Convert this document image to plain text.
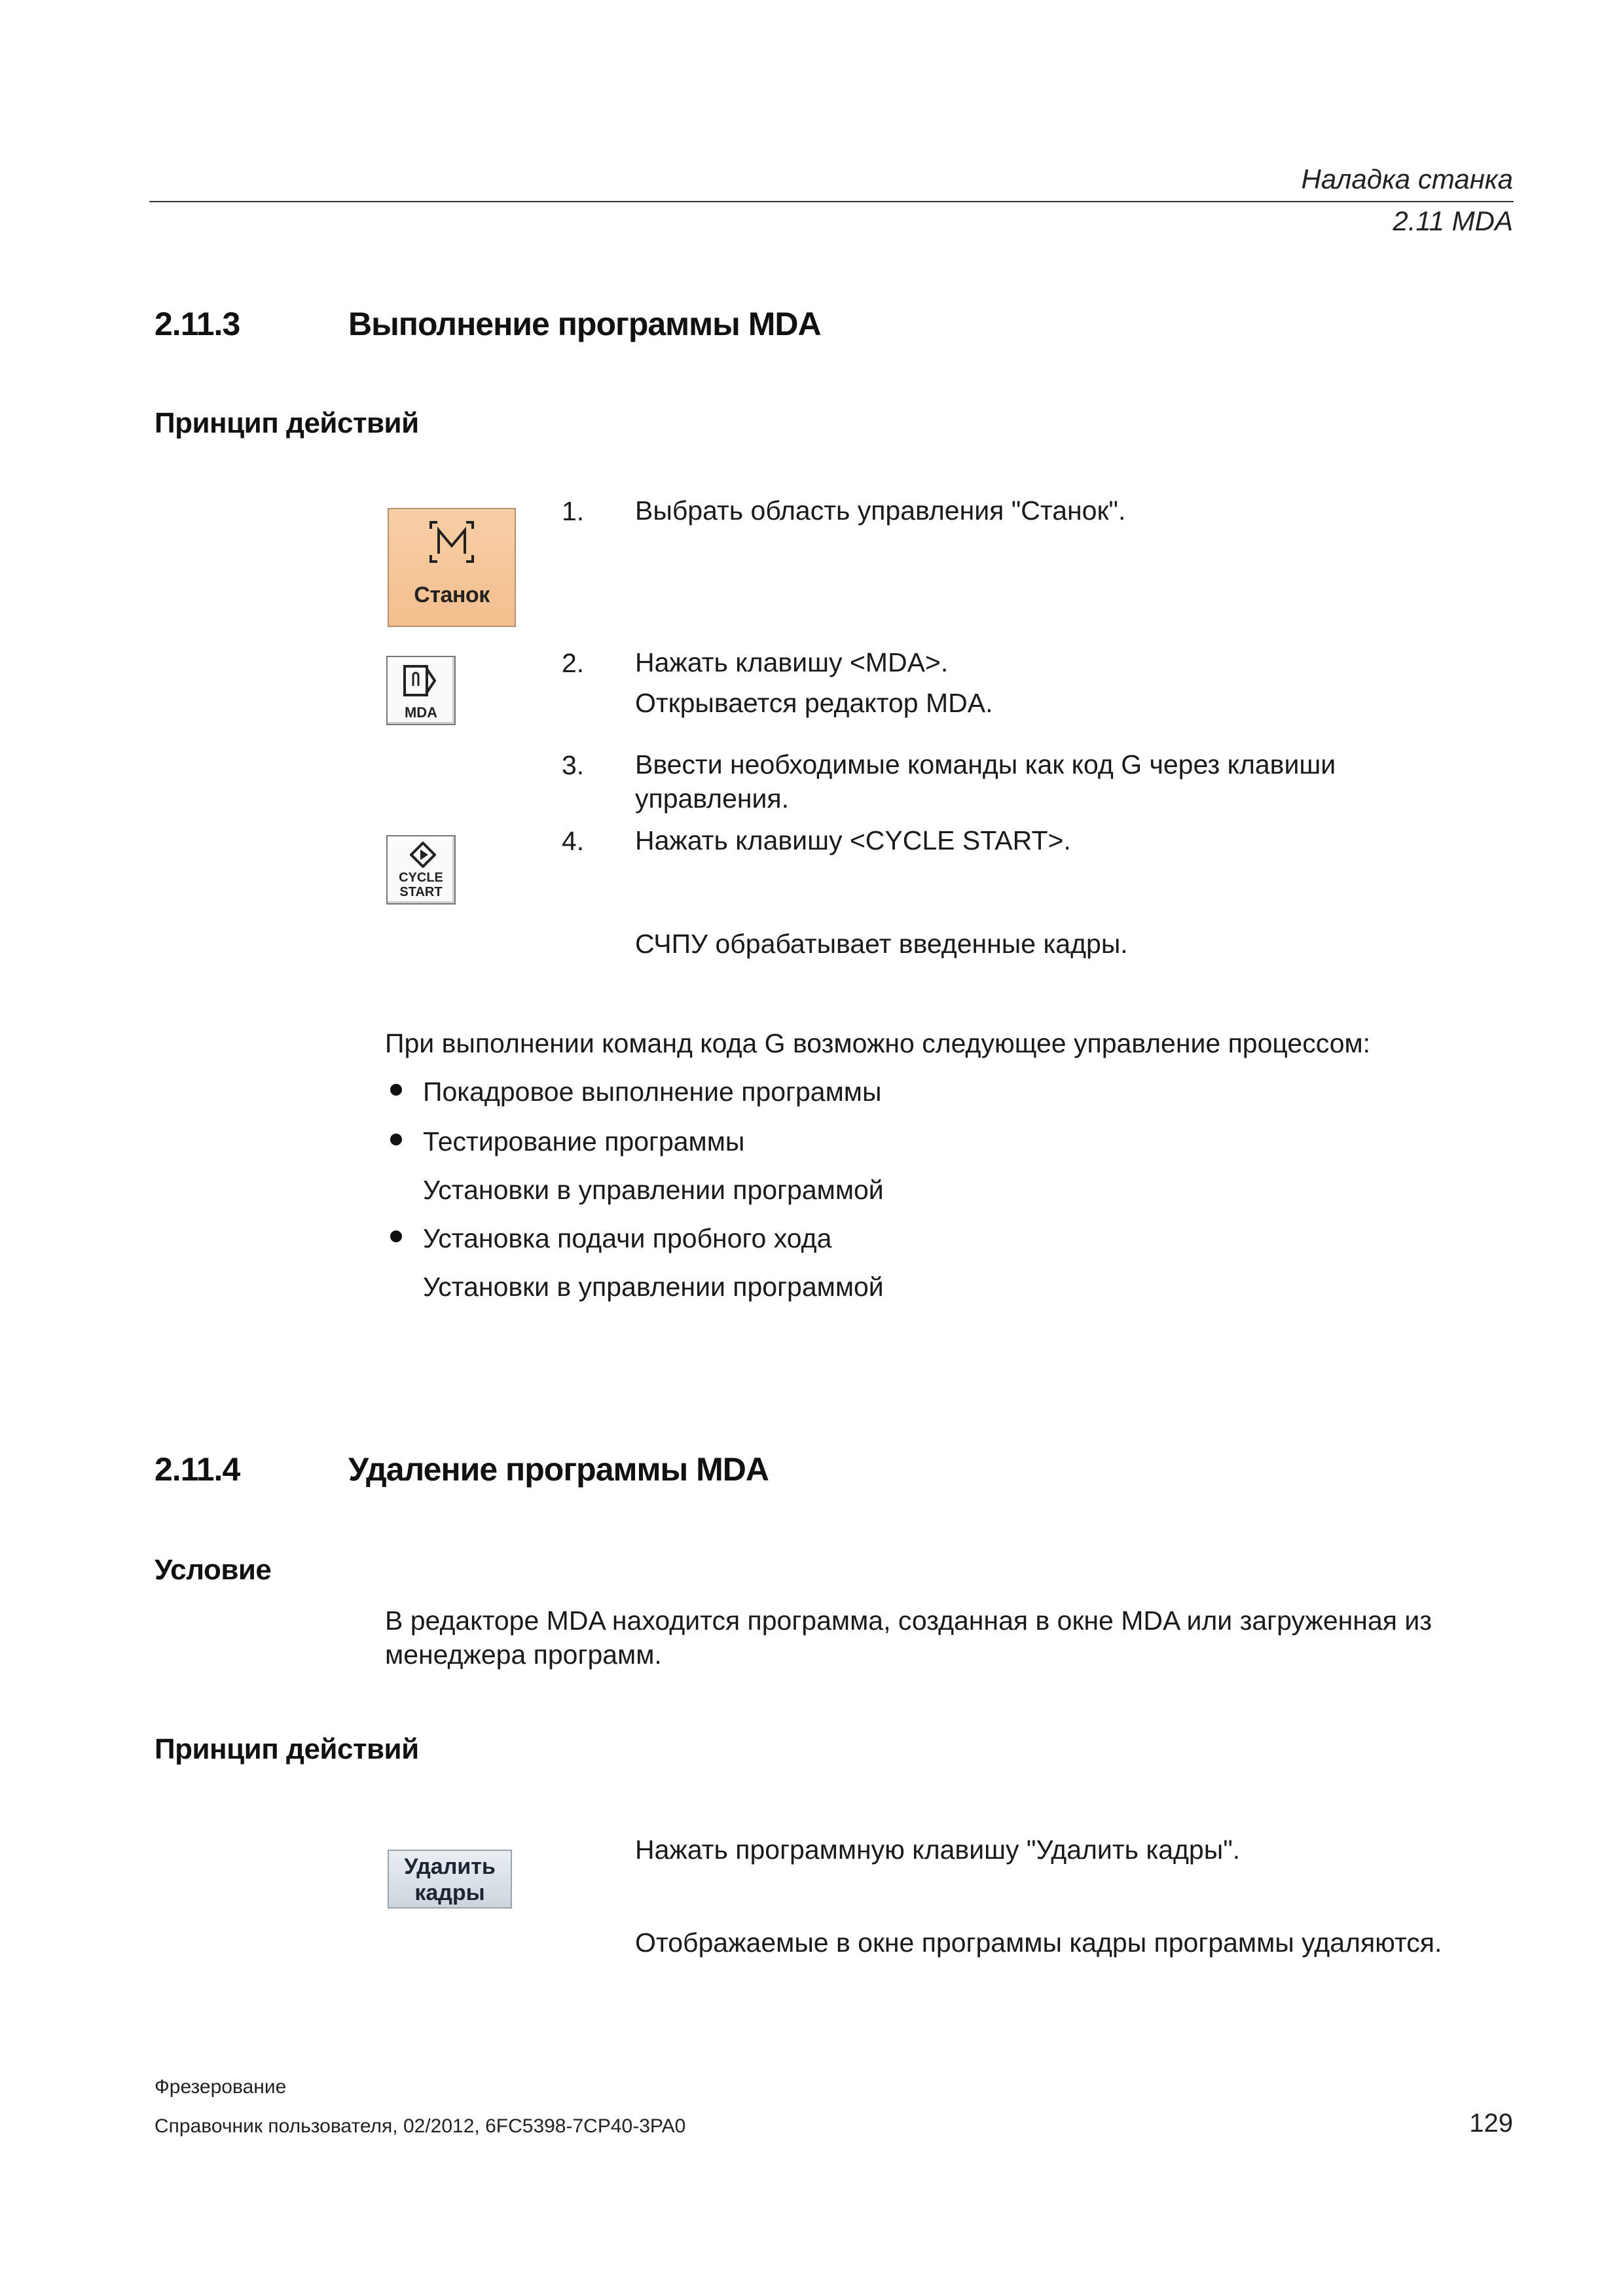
Наладка станка
2.11 MDA
2.11.3	Выполнение программы MDA
Принцип действий
Станок
1. Выбрать область управления "Станок".
MDA
2. Нажать клавишу <MDA>.
Открывается редактор MDA.
3. Ввести необходимые команды как код G через клавиши
управления.
CYCLE
START
4. Нажать клавишу <CYCLE START>.
СЧПУ обрабатывает введенные кадры.
При выполнении команд кода G возможно следующее управление процессом:
Покадровое выполнение программы
Тестирование программы
Установки в управлении программой
Установка подачи пробного хода
Установки в управлении программой
2.11.4	Удаление программы MDA
Условие
В редакторе MDA находится программа, созданная в окне MDA или загруженная из
менеджера программ.
Принцип действий
Удалить
кадры
Нажать программную клавишу "Удалить кадры".
Отображаемые в окне программы кадры программы удаляются.
Фрезерование
Справочник пользователя, 02/2012, 6FC5398-7CP40-3PA0	129
